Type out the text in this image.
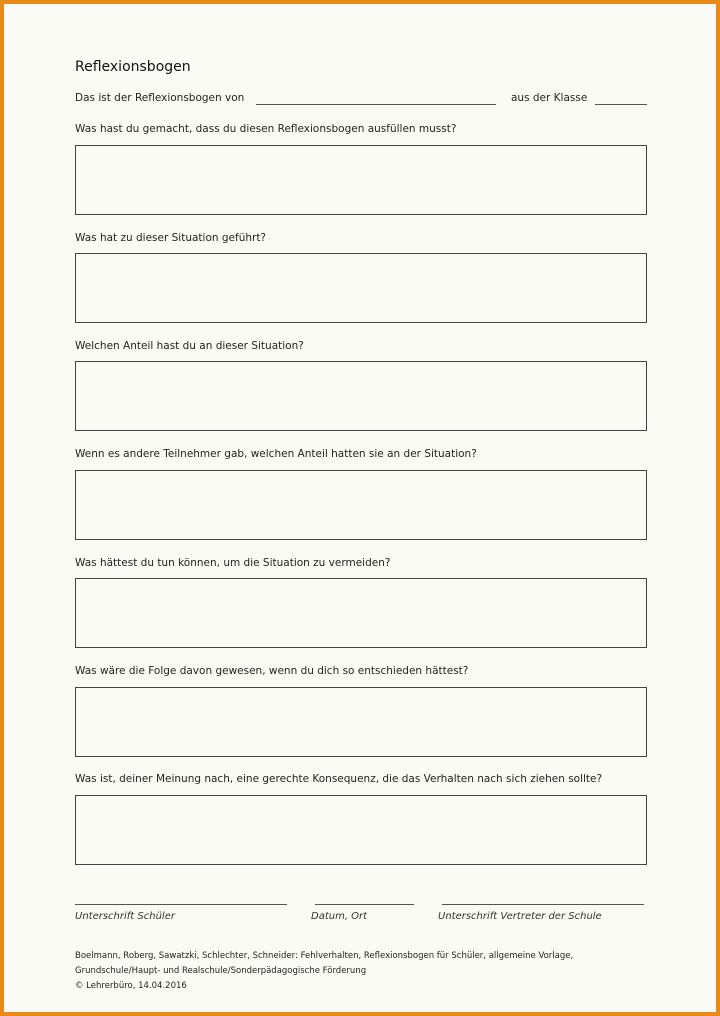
Reflexionsbogen
Das ist der Reflexionsbogen von	aus der Klasse
Was hast du gemacht, dass du diesen Reflexionsbogen ausfüllen musst?
Was hat zu dieser Situation geführt?
Welchen Anteil hast du an dieser Situation?
Wenn es andere Teilnehmer gab, welchen Anteil hatten sie an der Situation?
Was hättest du tun können, um die Situation zu vermeiden?
Was wäre die Folge davon gewesen, wenn du dich so entschieden hättest?
Was ist, deiner Meinung nach, eine gerechte Konsequenz, die das Verhalten nach sich ziehen sollte?
Unterschrift Schüler	Datum, Ort	Unterschrift Vertreter der Schule
Boelmann, Roberg, Sawatzki, Schlechter, Schneider: Fehlverhalten, Reflexionsbogen für Schüler, allgemeine Vorlage,
Grundschule/Haupt- und Realschule/Sonderpädagogische Förderung
© Lehrerbüro, 14.04.2016
